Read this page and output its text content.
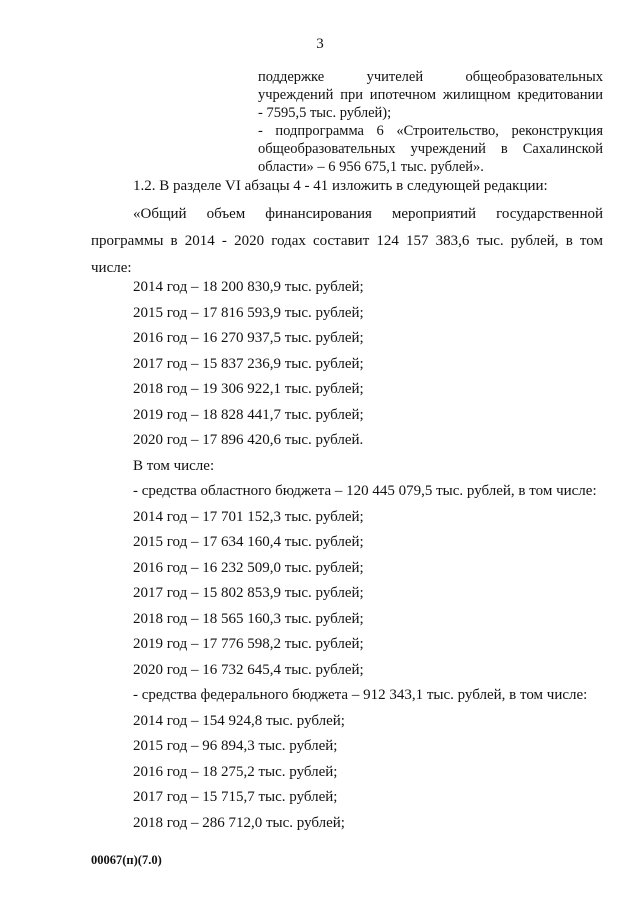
3

поддержке учителей общеобразовательных

учреждений при ипотечном жилищном кредитовании

- 7595,5 тыс. рублей);

- подпрограмма 6 «Строительство, реконструкция

общеобразовательных учреждений в Сахалинской

области» – 6 956 675,1 тыс. рублей».

1.2. В разделе VI абзацы 4 - 41 изложить в следующей редакции:

«Общий объем финансирования мероприятий государственной

программы в 2014 - 2020 годах составит 124 157 383,6 тыс. рублей, в том

числе:

2014 год – 18 200 830,9 тыс. рублей;
2015 год – 17 816 593,9 тыс. рублей;
2016 год – 16 270 937,5 тыс. рублей;
2017 год – 15 837 236,9 тыс. рублей;
2018 год – 19 306 922,1 тыс. рублей;
2019 год – 18 828 441,7 тыс. рублей;
2020 год – 17 896 420,6 тыс. рублей.
В том числе:
- средства областного бюджета – 120 445 079,5 тыс. рублей, в том числе:
2014 год – 17 701 152,3 тыс. рублей;
2015 год – 17 634 160,4 тыс. рублей;
2016 год – 16 232 509,0 тыс. рублей;
2017 год – 15 802 853,9 тыс. рублей;
2018 год – 18 565 160,3 тыс. рублей;
2019 год – 17 776 598,2 тыс. рублей;
2020 год – 16 732 645,4 тыс. рублей;
- средства федерального бюджета – 912 343,1 тыс. рублей, в том числе:
2014 год – 154 924,8 тыс. рублей;
2015 год – 96 894,3 тыс. рублей;
2016 год – 18 275,2 тыс. рублей;
2017 год – 15 715,7 тыс. рублей;
2018 год – 286 712,0 тыс. рублей;
00067(п)(7.0)
